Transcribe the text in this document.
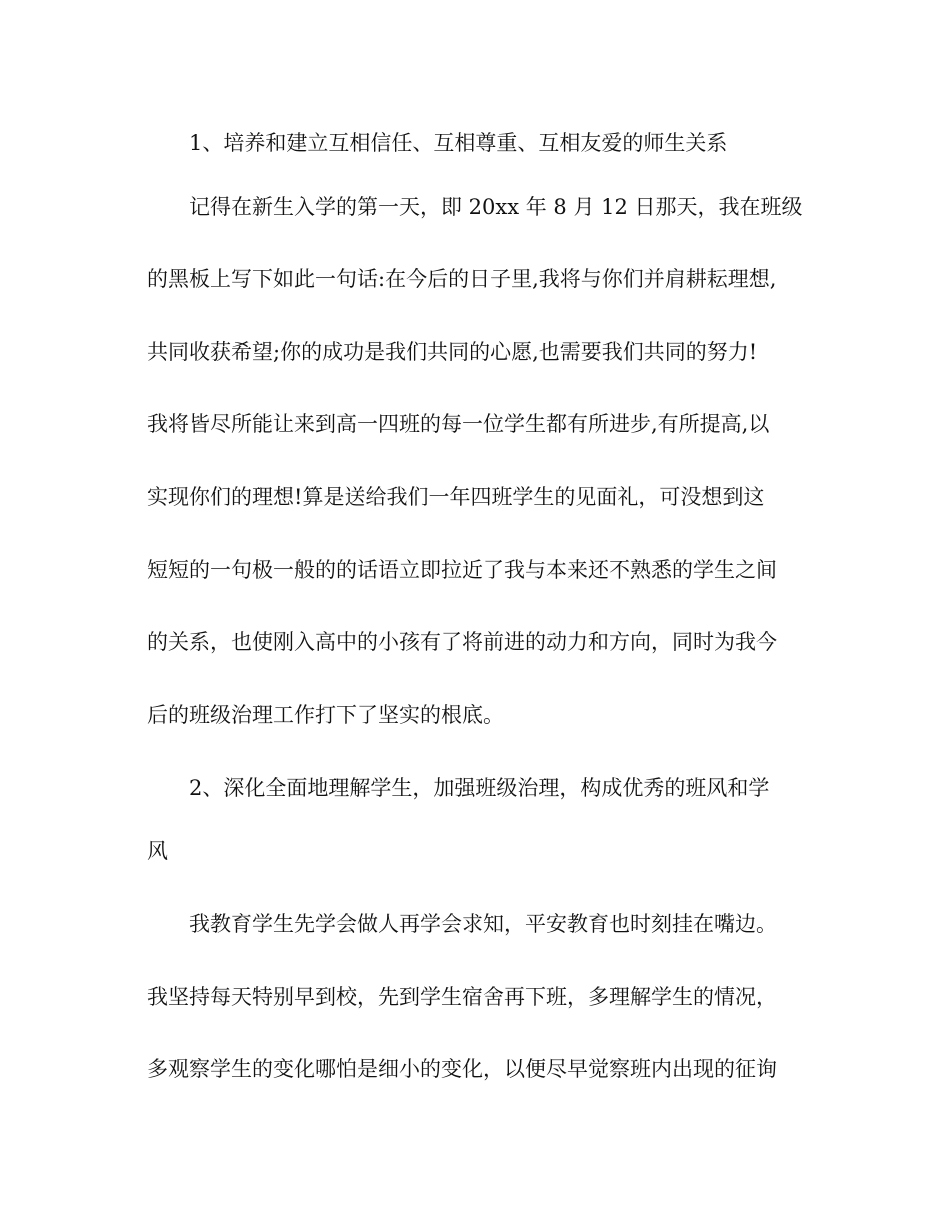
1、培养和建立互相信任、互相尊重、互相友爱的师生关系
记得在新生入学的第一天，即 20xx 年 8 月 12 日那天，我在班级
的黑板上写下如此一句话:在今后的日子里,我将与你们并肩耕耘理想,
共同收获希望;你的成功是我们共同的心愿,也需要我们共同的努力!
我将皆尽所能让来到高一四班的每一位学生都有所进步,有所提高,以
实现你们的理想!算是送给我们一年四班学生的见面礼，可没想到这
短短的一句极一般的的话语立即拉近了我与本来还不熟悉的学生之间
的关系，也使刚入高中的小孩有了将前进的动力和方向，同时为我今
后的班级治理工作打下了坚实的根底。
2、深化全面地理解学生，加强班级治理，构成优秀的班风和学
风
我教育学生先学会做人再学会求知，平安教育也时刻挂在嘴边。
我坚持每天特别早到校，先到学生宿舍再下班，多理解学生的情况，
多观察学生的变化哪怕是细小的变化，以便尽早觉察班内出现的征询
